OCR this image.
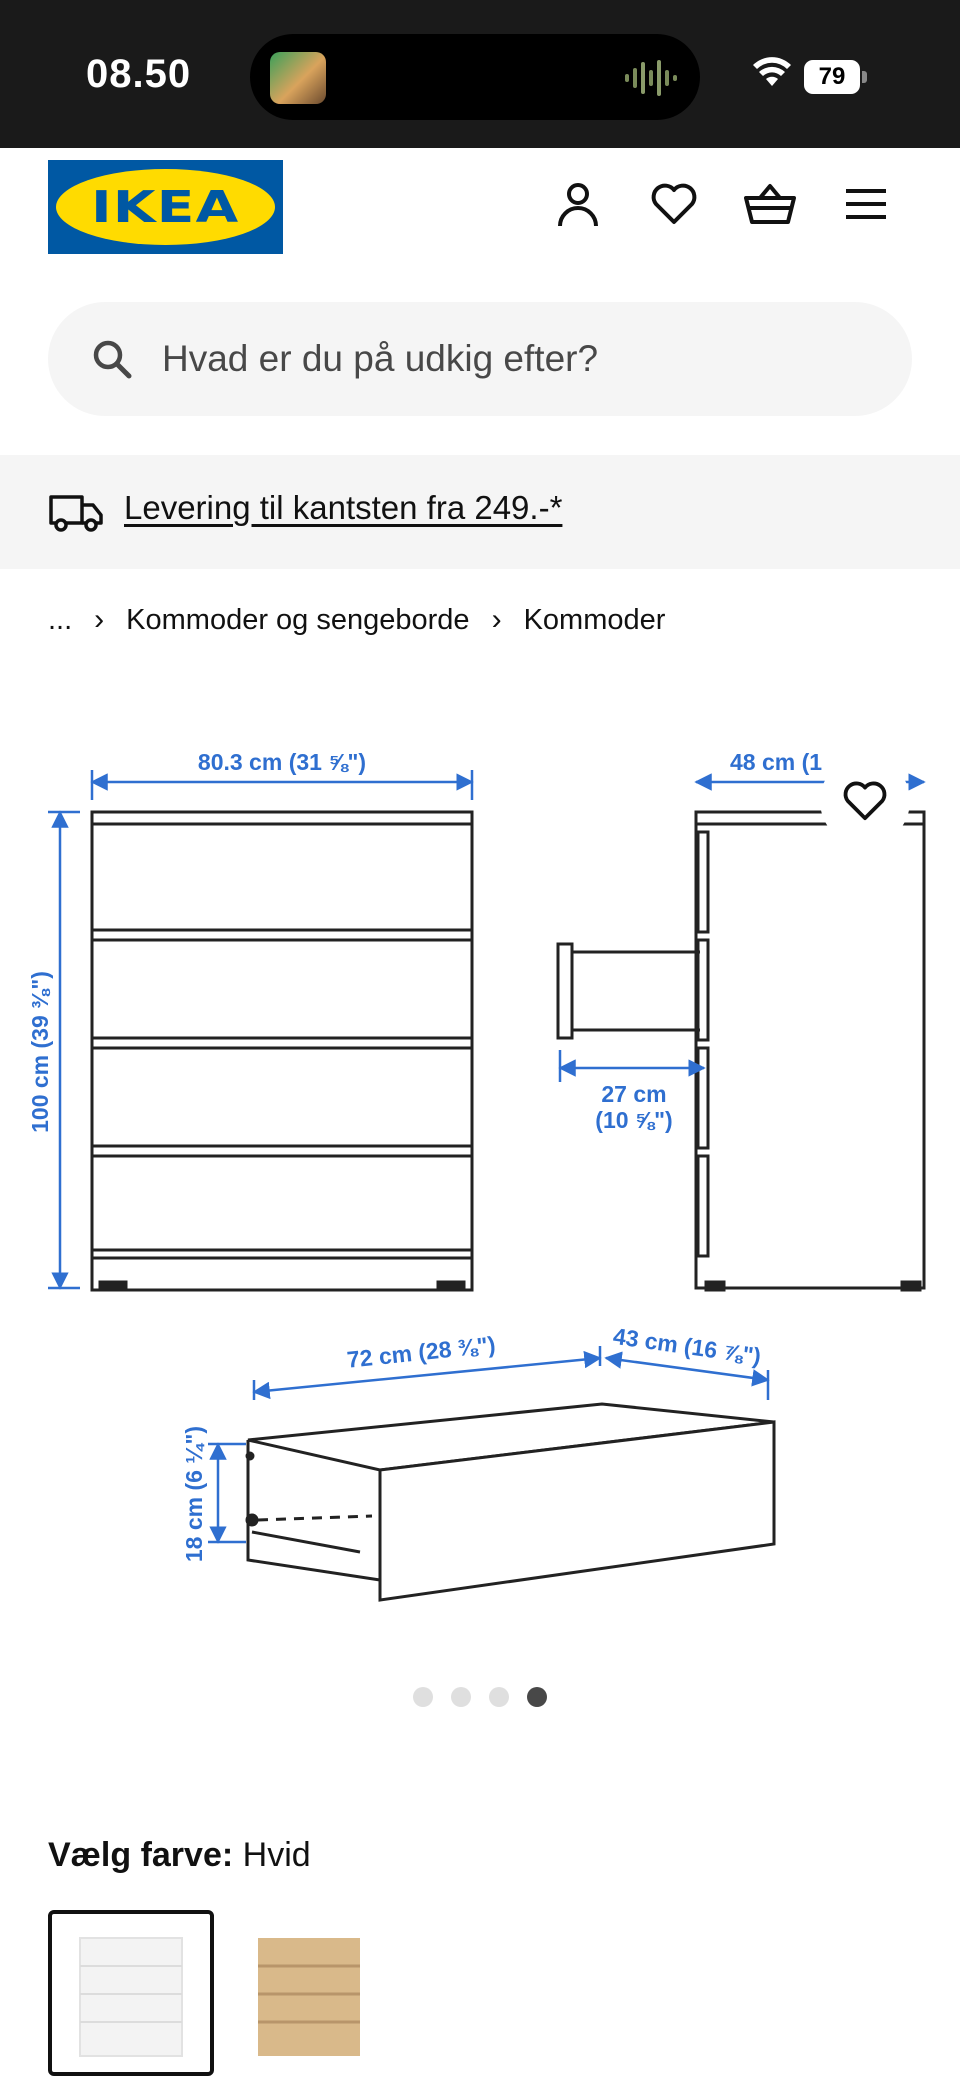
08.50	79
IKEA
Hvad er du på udkig efter?
Levering til kantsten fra 249.-*
... › Kommoder og sengeborde › Kommoder
80.3 cm (31 ⅝")	48 cm (1
100 cm (39 ⅜")	27 cm
(10 ⅝")
72 cm (28 ⅜")	43 cm (16 ⅞")
18 cm (6 ¼")
Vælg farve: Hvid
